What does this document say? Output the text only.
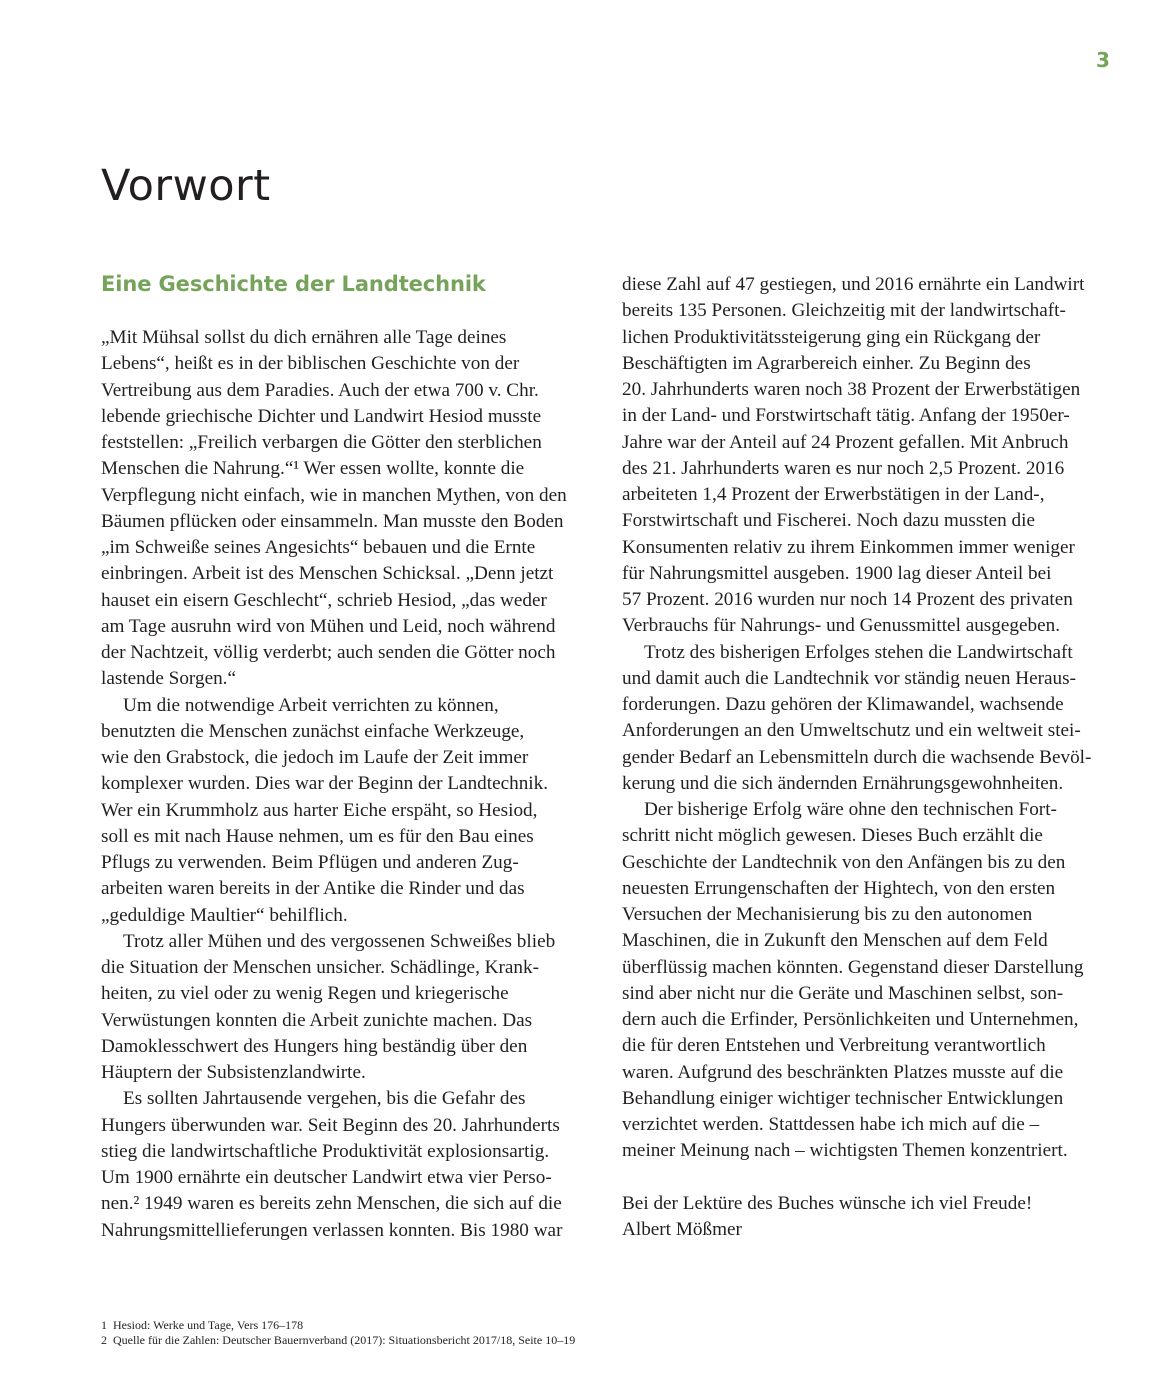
3
Vorwort
Eine Geschichte der Landtechnik
„Mit Mühsal sollst du dich ernähren alle Tage deines
Lebens“, heißt es in der biblischen Geschichte von der
Vertreibung aus dem Paradies. Auch der etwa 700 v. Chr.
lebende griechische Dichter und Landwirt Hesiod musste
feststellen: „Freilich verbargen die Götter den sterblichen
Menschen die Nahrung.“¹ Wer essen wollte, konnte die
Verpflegung nicht einfach, wie in manchen Mythen, von den
Bäumen pflücken oder einsammeln. Man musste den Boden
„im Schweiße seines Angesichts“ bebauen und die Ernte
einbringen. Arbeit ist des Menschen Schicksal. „Denn jetzt
hauset ein eisern Geschlecht“, schrieb Hesiod, „das weder
am Tage ausruhn wird von Mühen und Leid, noch während
der Nachtzeit, völlig verderbt; auch senden die Götter noch
lastende Sorgen.“
Um die notwendige Arbeit verrichten zu können,
benutzten die Menschen zunächst einfache Werkzeuge,
wie den Grabstock, die jedoch im Laufe der Zeit immer
komplexer wurden. Dies war der Beginn der Landtechnik.
Wer ein Krummholz aus harter Eiche erspäht, so Hesiod,
soll es mit nach Hause nehmen, um es für den Bau eines
Pflugs zu verwenden. Beim Pflügen und anderen Zug-
arbeiten waren bereits in der Antike die Rinder und das
„geduldige Maultier“ behilflich.
Trotz aller Mühen und des vergossenen Schweißes blieb
die Situation der Menschen unsicher. Schädlinge, Krank-
heiten, zu viel oder zu wenig Regen und kriegerische
Verwüstungen konnten die Arbeit zunichte machen. Das
Damoklesschwert des Hungers hing beständig über den
Häuptern der Subsistenzlandwirte.
Es sollten Jahrtausende vergehen, bis die Gefahr des
Hungers überwunden war. Seit Beginn des 20. Jahrhunderts
stieg die landwirtschaftliche Produktivität explosionsartig.
Um 1900 ernährte ein deutscher Landwirt etwa vier Perso-
nen.² 1949 waren es bereits zehn Menschen, die sich auf die
Nahrungsmittellieferungen verlassen konnten. Bis 1980 war
diese Zahl auf 47 gestiegen, und 2016 ernährte ein Landwirt
bereits 135 Personen. Gleichzeitig mit der landwirtschaft-
lichen Produktivitätssteigerung ging ein Rückgang der
Beschäftigten im Agrarbereich einher. Zu Beginn des
20. Jahrhunderts waren noch 38 Prozent der Erwerbstätigen
in der Land- und Forstwirtschaft tätig. Anfang der 1950er-
Jahre war der Anteil auf 24 Prozent gefallen. Mit Anbruch
des 21. Jahrhunderts waren es nur noch 2,5 Prozent. 2016
arbeiteten 1,4 Prozent der Erwerbstätigen in der Land-,
Forstwirtschaft und Fischerei. Noch dazu mussten die
Konsumenten relativ zu ihrem Einkommen immer weniger
für Nahrungsmittel ausgeben. 1900 lag dieser Anteil bei
57 Prozent. 2016 wurden nur noch 14 Prozent des privaten
Verbrauchs für Nahrungs- und Genussmittel ausgegeben.
Trotz des bisherigen Erfolges stehen die Landwirtschaft
und damit auch die Landtechnik vor ständig neuen Heraus-
forderungen. Dazu gehören der Klimawandel, wachsende
Anforderungen an den Umweltschutz und ein weltweit stei-
gender Bedarf an Lebensmitteln durch die wachsende Bevöl-
kerung und die sich ändernden Ernährungsgewohnheiten.
Der bisherige Erfolg wäre ohne den technischen Fort-
schritt nicht möglich gewesen. Dieses Buch erzählt die
Geschichte der Landtechnik von den Anfängen bis zu den
neuesten Errungenschaften der Hightech, von den ersten
Versuchen der Mechanisierung bis zu den autonomen
Maschinen, die in Zukunft den Menschen auf dem Feld
überflüssig machen könnten. Gegenstand dieser Darstellung
sind aber nicht nur die Geräte und Maschinen selbst, son-
dern auch die Erfinder, Persönlichkeiten und Unternehmen,
die für deren Entstehen und Verbreitung verantwortlich
waren. Aufgrund des beschränkten Platzes musste auf die
Behandlung einiger wichtiger technischer Entwicklungen
verzichtet werden. Stattdessen habe ich mich auf die –
meiner Meinung nach – wichtigsten Themen konzentriert.
Bei der Lektüre des Buches wünsche ich viel Freude!
Albert Mößmer
1 Hesiod: Werke und Tage, Vers 176–178
2 Quelle für die Zahlen: Deutscher Bauernverband (2017): Situationsbericht 2017/18, Seite 10–19
